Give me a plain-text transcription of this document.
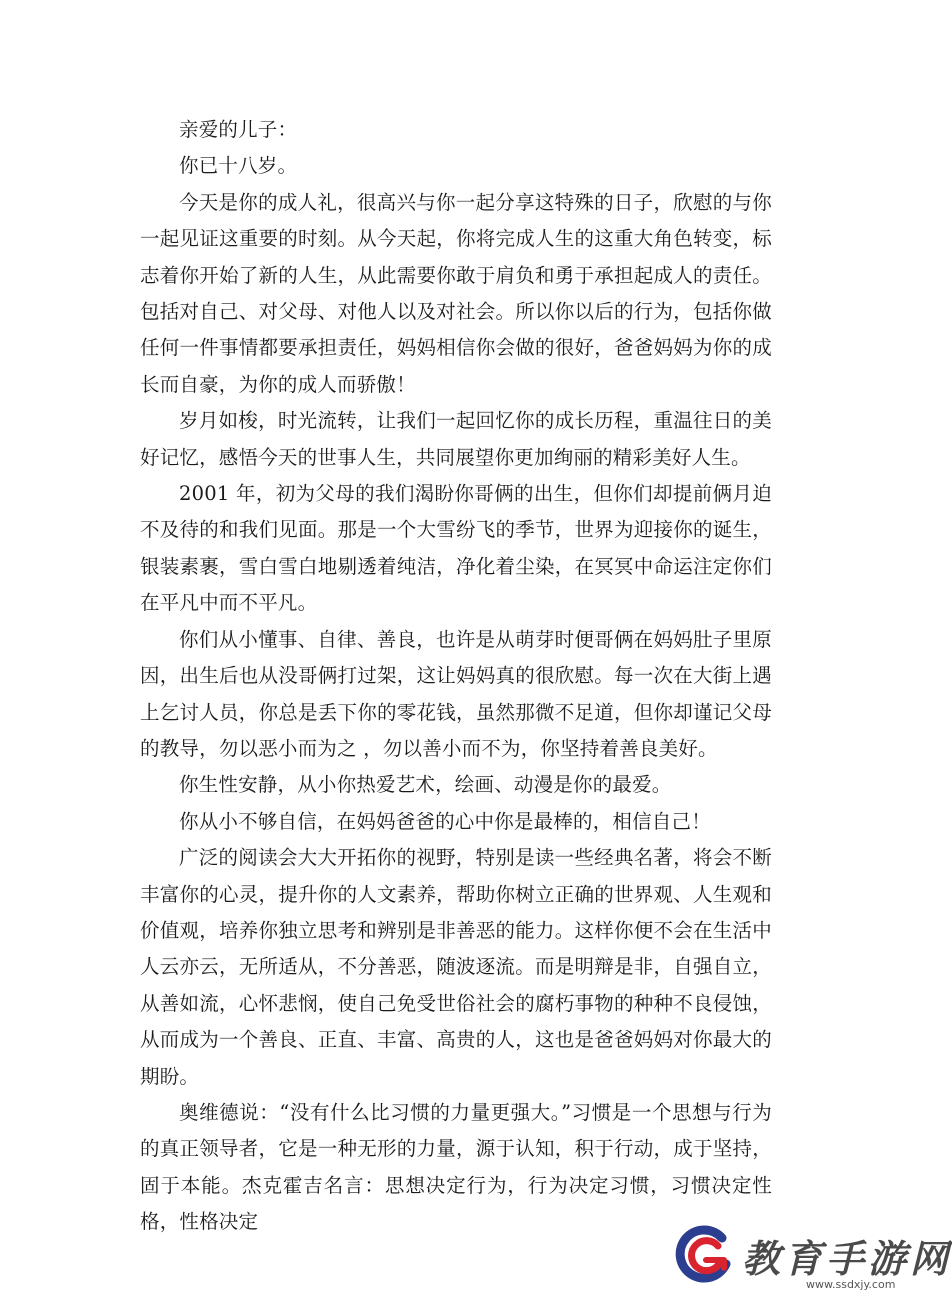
亲爱的儿子：

你已十八岁。

今天是你的成人礼，很高兴与你一起分享这特殊的日子，欣慰的与你一起见证这重要的时刻。从今天起，你将完成人生的这重大角色转变，标志着你开始了新的人生，从此需要你敢于肩负和勇于承担起成人的责任。包括对自己、对父母、对他人以及对社会。所以你以后的行为，包括你做任何一件事情都要承担责任，妈妈相信你会做的很好，爸爸妈妈为你的成长而自豪，为你的成人而骄傲！

岁月如梭，时光流转，让我们一起回忆你的成长历程，重温往日的美好记忆，感悟今天的世事人生，共同展望你更加绚丽的精彩美好人生。

2001 年，初为父母的我们渴盼你哥俩的出生，但你们却提前俩月迫不及待的和我们见面。那是一个大雪纷飞的季节，世界为迎接你的诞生，银装素裹，雪白雪白地剔透着纯洁，净化着尘染，在冥冥中命运注定你们在平凡中而不平凡。

你们从小懂事、自律、善良，也许是从萌芽时便哥俩在妈妈肚子里原因，出生后也从没哥俩打过架，这让妈妈真的很欣慰。每一次在大街上遇上乞讨人员，你总是丢下你的零花钱，虽然那微不足道，但你却谨记父母的教导，勿以恶小而为之 ，勿以善小而不为，你坚持着善良美好。

你生性安静，从小你热爱艺术，绘画、动漫是你的最爱。

你从小不够自信，在妈妈爸爸的心中你是最棒的，相信自己！

广泛的阅读会大大开拓你的视野，特别是读一些经典名著，将会不断丰富你的心灵，提升你的人文素养，帮助你树立正确的世界观、人生观和价值观，培养你独立思考和辨别是非善恶的能力。这样你便不会在生活中人云亦云，无所适从，不分善恶，随波逐流。而是明辩是非，自强自立，从善如流，心怀悲悯，使自己免受世俗社会的腐朽事物的种种不良侵蚀，从而成为一个善良、正直、丰富、高贵的人，这也是爸爸妈妈对你最大的期盼。

奥维德说：“没有什么比习惯的力量更强大。”习惯是一个思想与行为的真正领导者，它是一种无形的力量，源于认知，积于行动，成于坚持，固于本能。杰克霍吉名言：思想决定行为，行为决定习惯，习惯决定性格，性格决定

教育手游网
www.ssdxjy.com
